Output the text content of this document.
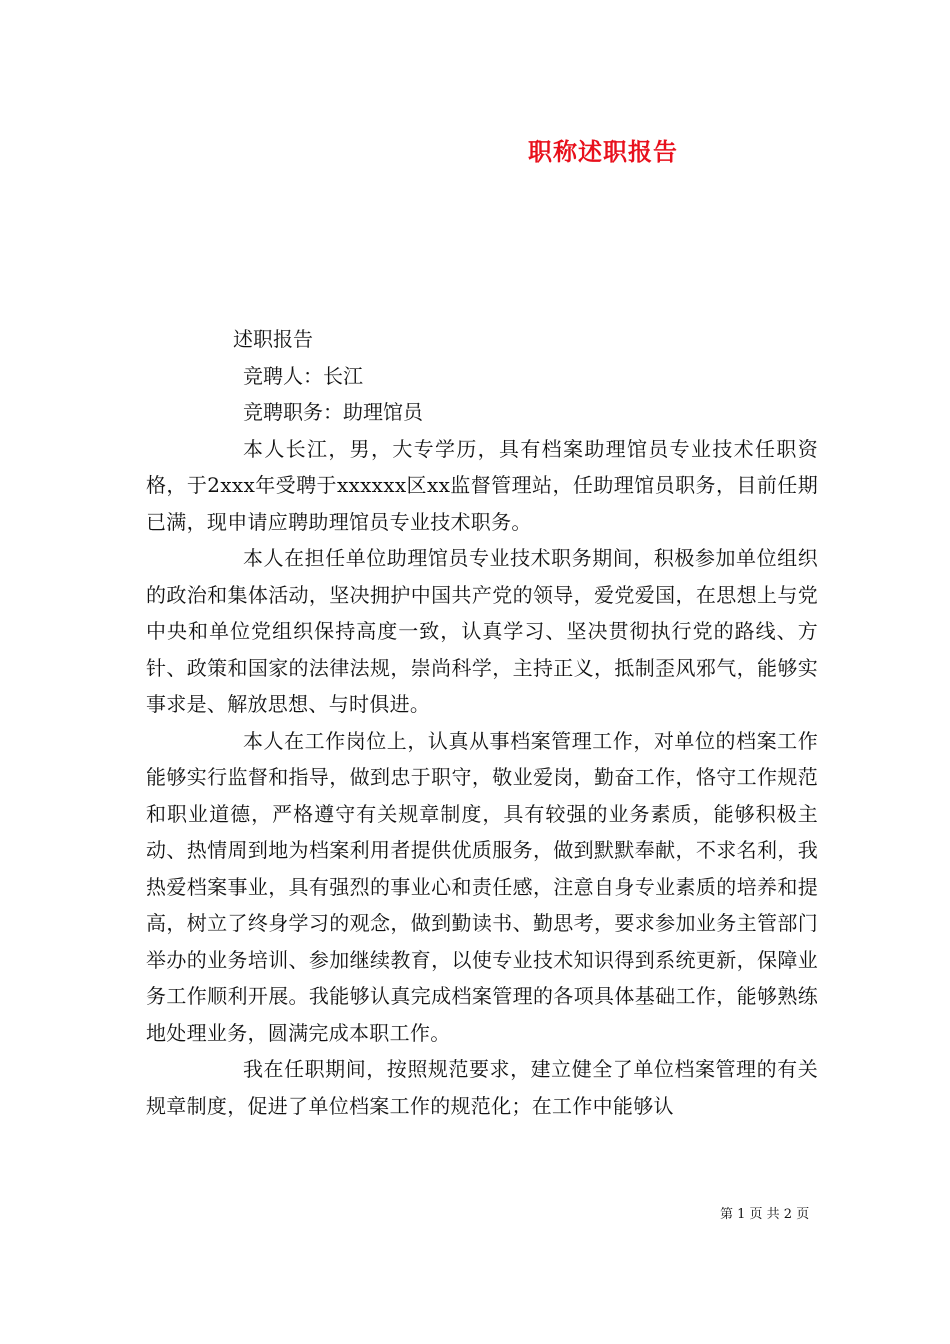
职称述职报告
述职报告
竞聘人：长江
竞聘职务：助理馆员

本人长江，男，大专学历，具有档案助理馆员专业技术任职资格，于2xxx年受聘于xxxxxx区xx监督管理站，任助理馆员职务，目前任期已满，现申请应聘助理馆员专业技术职务。

本人在担任单位助理馆员专业技术职务期间，积极参加单位组织的政治和集体活动，坚决拥护中国共产党的领导，爱党爱国，在思想上与党中央和单位党组织保持高度一致，认真学习、坚决贯彻执行党的路线、方针、政策和国家的法律法规，崇尚科学，主持正义，抵制歪风邪气，能够实事求是、解放思想、与时俱进。

本人在工作岗位上，认真从事档案管理工作，对单位的档案工作能够实行监督和指导，做到忠于职守，敬业爱岗，勤奋工作，恪守工作规范和职业道德，严格遵守有关规章制度，具有较强的业务素质，能够积极主动、热情周到地为档案利用者提供优质服务，做到默默奉献，不求名利，我热爱档案事业，具有强烈的事业心和责任感，注意自身专业素质的培养和提高，树立了终身学习的观念，做到勤读书、勤思考，要求参加业务主管部门举办的业务培训、参加继续教育，以使专业技术知识得到系统更新，保障业务工作顺利开展。我能够认真完成档案管理的各项具体基础工作，能够熟练地处理业务，圆满完成本职工作。

我在任职期间，按照规范要求，建立健全了单位档案管理的有关规章制度，促进了单位档案工作的规范化；在工作中能够认

第 1 页 共 2 页
